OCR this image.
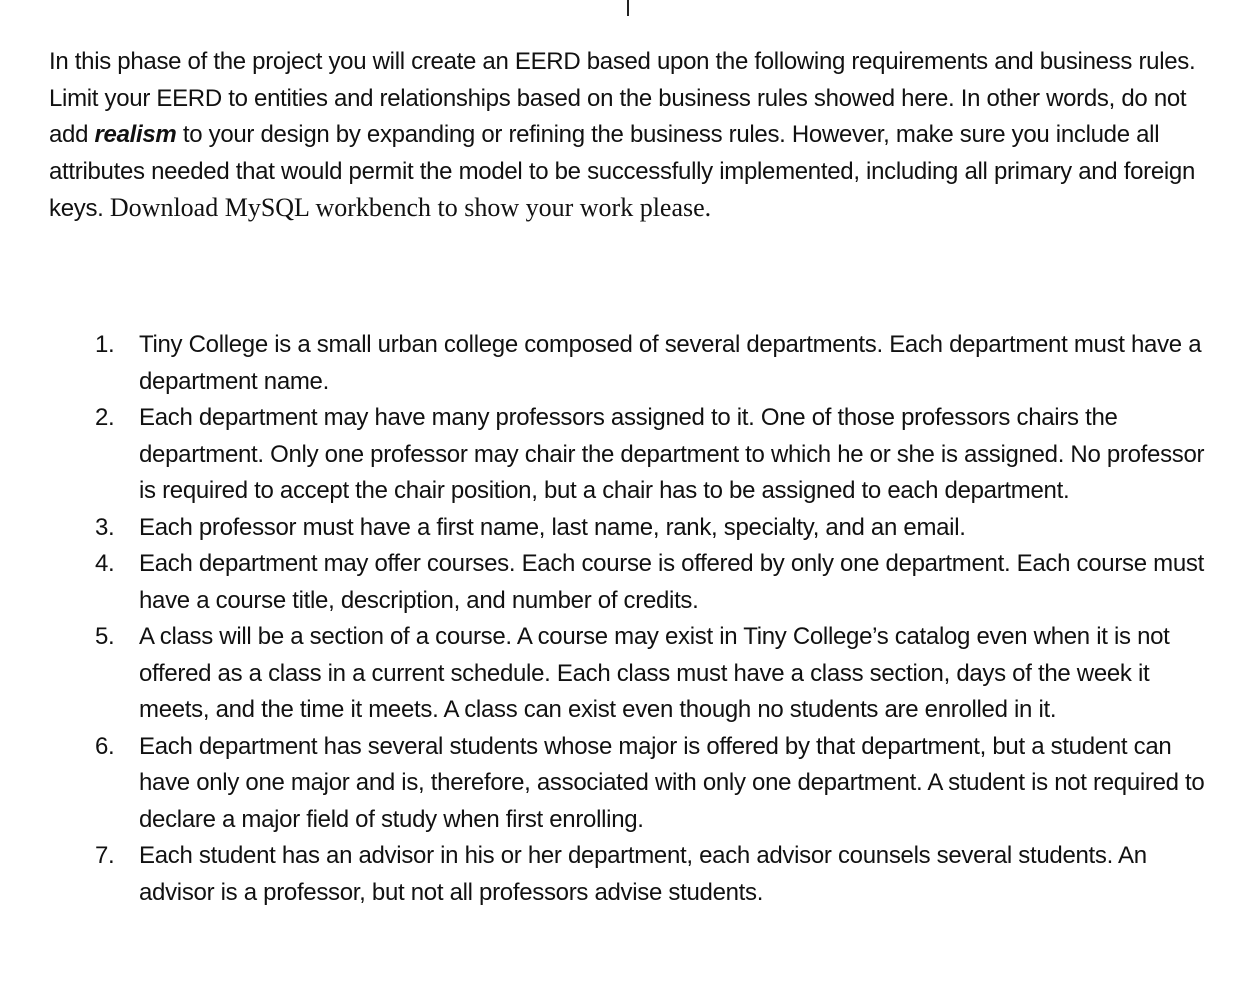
In this phase of the project you will create an EERD based upon the following requirements and business rules. Limit your EERD to entities and relationships based on the business rules showed here. In other words, do not add realism to your design by expanding or refining the business rules. However, make sure you include all attributes needed that would permit the model to be successfully implemented, including all primary and foreign keys. Download MySQL workbench to show your work please.

1. Tiny College is a small urban college composed of several departments. Each department must have a department name.
2. Each department may have many professors assigned to it. One of those professors chairs the department. Only one professor may chair the department to which he or she is assigned. No professor is required to accept the chair position, but a chair has to be assigned to each department.
3. Each professor must have a first name, last name, rank, specialty, and an email.
4. Each department may offer courses. Each course is offered by only one department. Each course must have a course title, description, and number of credits.
5. A class will be a section of a course. A course may exist in Tiny College’s catalog even when it is not offered as a class in a current schedule. Each class must have a class section, days of the week it meets, and the time it meets. A class can exist even though no students are enrolled in it.
6. Each department has several students whose major is offered by that department, but a student can have only one major and is, therefore, associated with only one department. A student is not required to declare a major field of study when first enrolling.
7. Each student has an advisor in his or her department, each advisor counsels several students. An advisor is a professor, but not all professors advise students.
